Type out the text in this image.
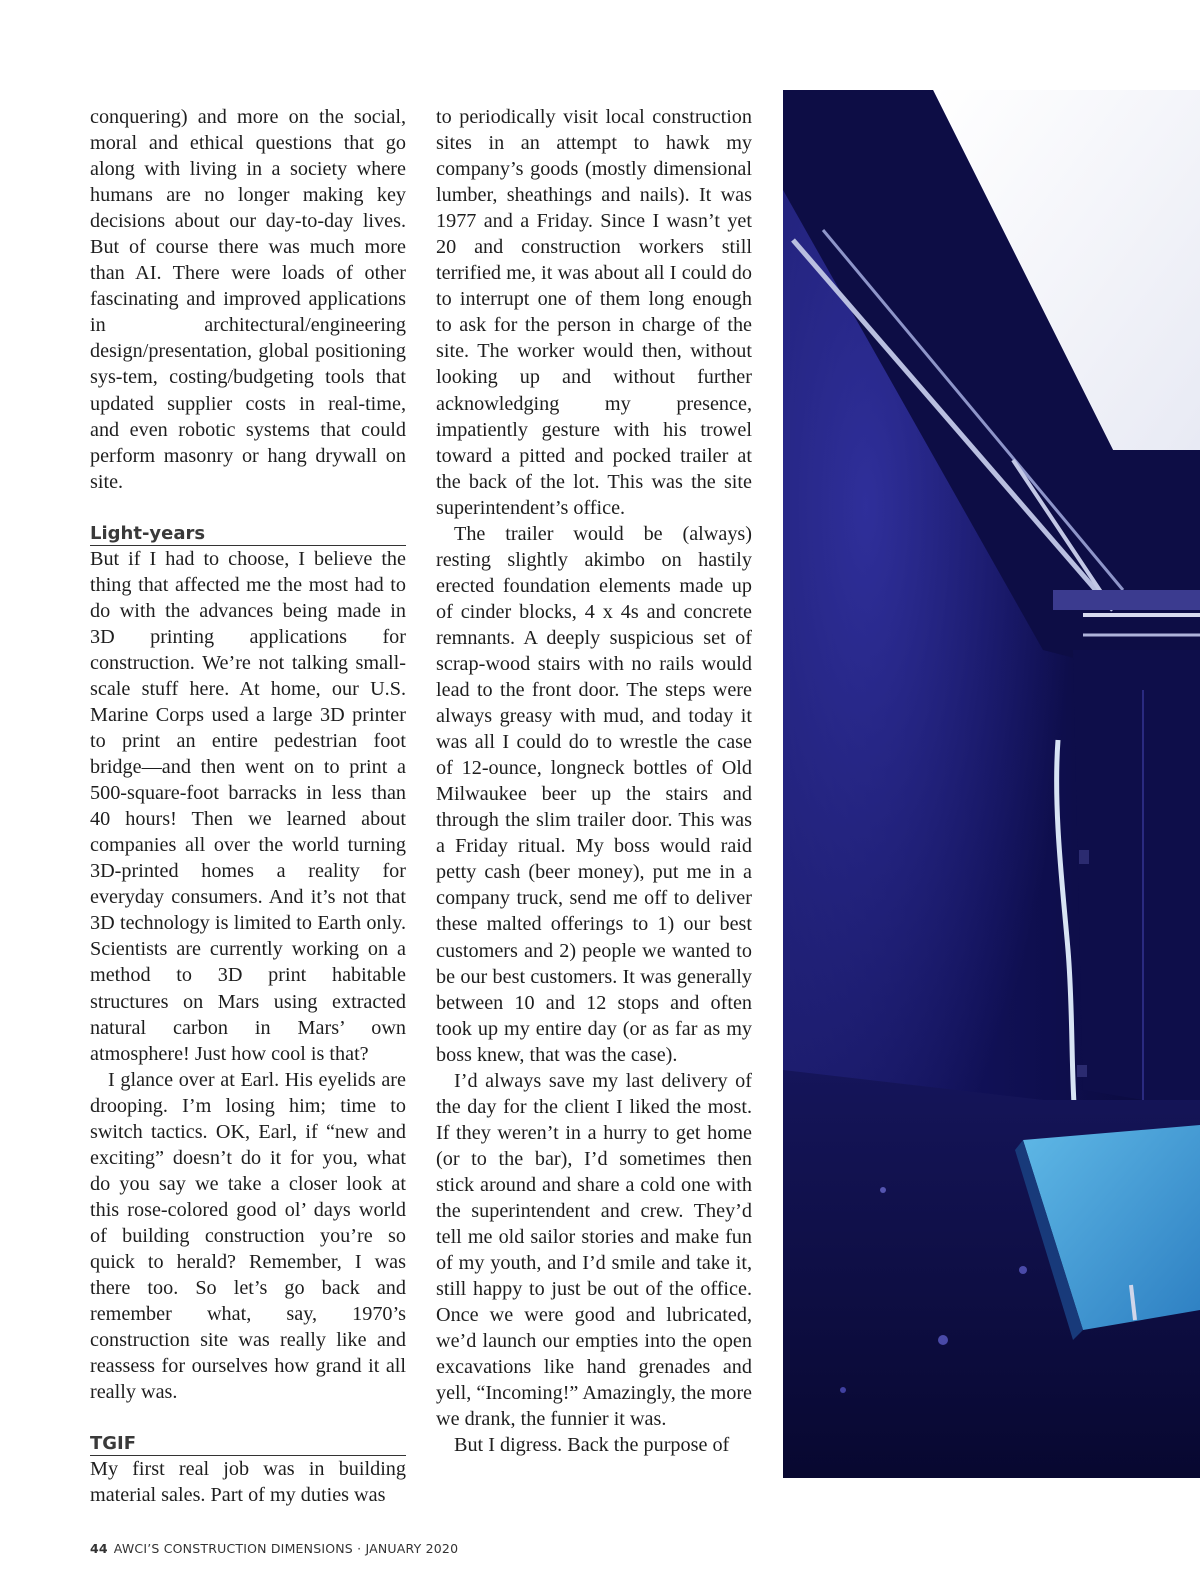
conquering) and more on the social, moral and ethical questions that go along with living in a society where humans are no longer making key decisions about our day-to-day lives. But of course there was much more than AI. There were loads of other fascinating and improved applications in architectural/engineering design/presentation, global positioning sys-tem, costing/budgeting tools that updated supplier costs in real-time, and even robotic systems that could perform masonry or hang drywall on site.

Light-years

But if I had to choose, I believe the thing that affected me the most had to do with the advances being made in 3D printing applications for construction. We’re not talking small-scale stuff here. At home, our U.S. Marine Corps used a large 3D printer to print an entire pedestrian foot bridge—and then went on to print a 500-square-foot barracks in less than 40 hours! Then we learned about companies all over the world turning 3D-printed homes a reality for everyday consumers. And it’s not that 3D technology is limited to Earth only. Scientists are currently working on a method to 3D print habitable structures on Mars using extracted natural carbon in Mars’ own atmosphere! Just how cool is that?

I glance over at Earl. His eyelids are drooping. I’m losing him; time to switch tactics. OK, Earl, if “new and exciting” doesn’t do it for you, what do you say we take a closer look at this rose-colored good ol’ days world of building construction you’re so quick to herald? Remember, I was there too. So let’s go back and remember what, say, 1970’s construction site was really like and reassess for ourselves how grand it all really was.

TGIF

My first real job was in building material sales. Part of my duties was

to periodically visit local construction sites in an attempt to hawk my company’s goods (mostly dimensional lumber, sheathings and nails). It was 1977 and a Friday. Since I wasn’t yet 20 and construction workers still terrified me, it was about all I could do to interrupt one of them long enough to ask for the person in charge of the site. The worker would then, without looking up and without further acknowledging my presence, impatiently gesture with his trowel toward a pitted and pocked trailer at the back of the lot. This was the site superintendent’s office.

The trailer would be (always) resting slightly akimbo on hastily erected foundation elements made up of cinder blocks, 4 x 4s and concrete remnants. A deeply suspicious set of scrap-wood stairs with no rails would lead to the front door. The steps were always greasy with mud, and today it was all I could do to wrestle the case of 12-ounce, longneck bottles of Old Milwaukee beer up the stairs and through the slim trailer door. This was a Friday ritual. My boss would raid petty cash (beer money), put me in a company truck, send me off to deliver these malted offerings to 1) our best customers and 2) people we wanted to be our best customers. It was generally between 10 and 12 stops and often took up my entire day (or as far as my boss knew, that was the case).

I’d always save my last delivery of the day for the client I liked the most. If they weren’t in a hurry to get home (or to the bar), I’d sometimes then stick around and share a cold one with the superintendent and crew. They’d tell me old sailor stories and make fun of my youth, and I’d smile and take it, still happy to just be out of the office. Once we were good and lubricated, we’d launch our empties into the open excavations like hand grenades and yell, “Incoming!” Amazingly, the more we drank, the funnier it was.

But I digress. Back the purpose of

44 AWCI’S CONSTRUCTION DIMENSIONS · JANUARY 2020
